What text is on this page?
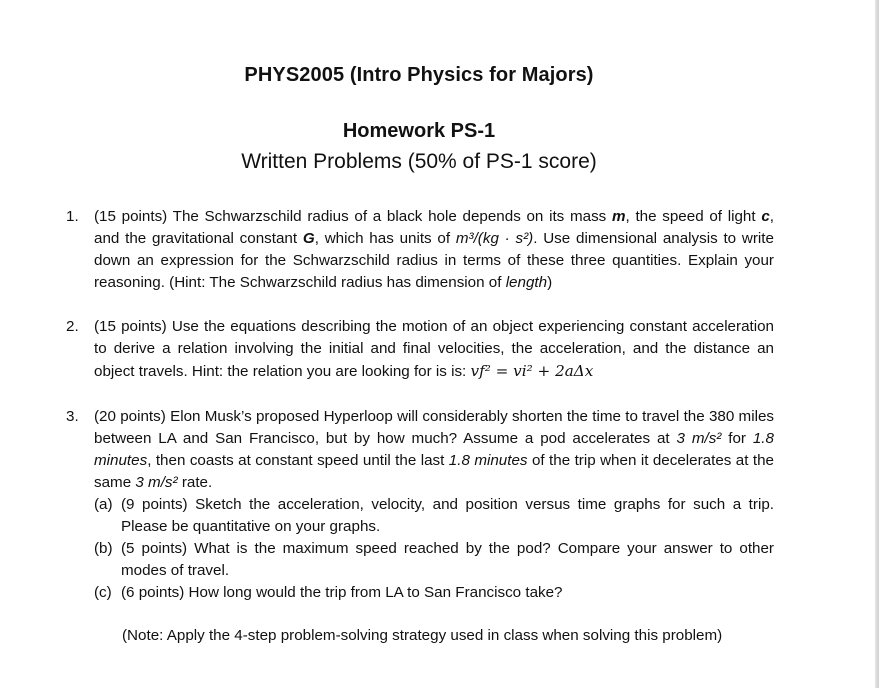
PHYS2005 (Intro Physics for Majors)
Homework PS-1
Written Problems (50% of PS-1 score)
1. (15 points) The Schwarzschild radius of a black hole depends on its mass m, the speed of light c, and the gravitational constant G, which has units of m³/(kg · s²). Use dimensional analysis to write down an expression for the Schwarzschild radius in terms of these three quantities. Explain your reasoning. (Hint: The Schwarzschild radius has dimension of length)
2. (15 points) Use the equations describing the motion of an object experiencing constant acceleration to derive a relation involving the initial and final velocities, the acceleration, and the distance an object travels. Hint: the relation you are looking for is is: vf² = vi² + 2aΔx
3. (20 points) Elon Musk’s proposed Hyperloop will considerably shorten the time to travel the 380 miles between LA and San Francisco, but by how much? Assume a pod accelerates at 3 m/s² for 1.8 minutes, then coasts at constant speed until the last 1.8 minutes of the trip when it decelerates at the same 3 m/s² rate.
(a) (9 points) Sketch the acceleration, velocity, and position versus time graphs for such a trip. Please be quantitative on your graphs.
(b) (5 points) What is the maximum speed reached by the pod? Compare your answer to other modes of travel.
(c) (6 points) How long would the trip from LA to San Francisco take?
(Note: Apply the 4-step problem-solving strategy used in class when solving this problem)
